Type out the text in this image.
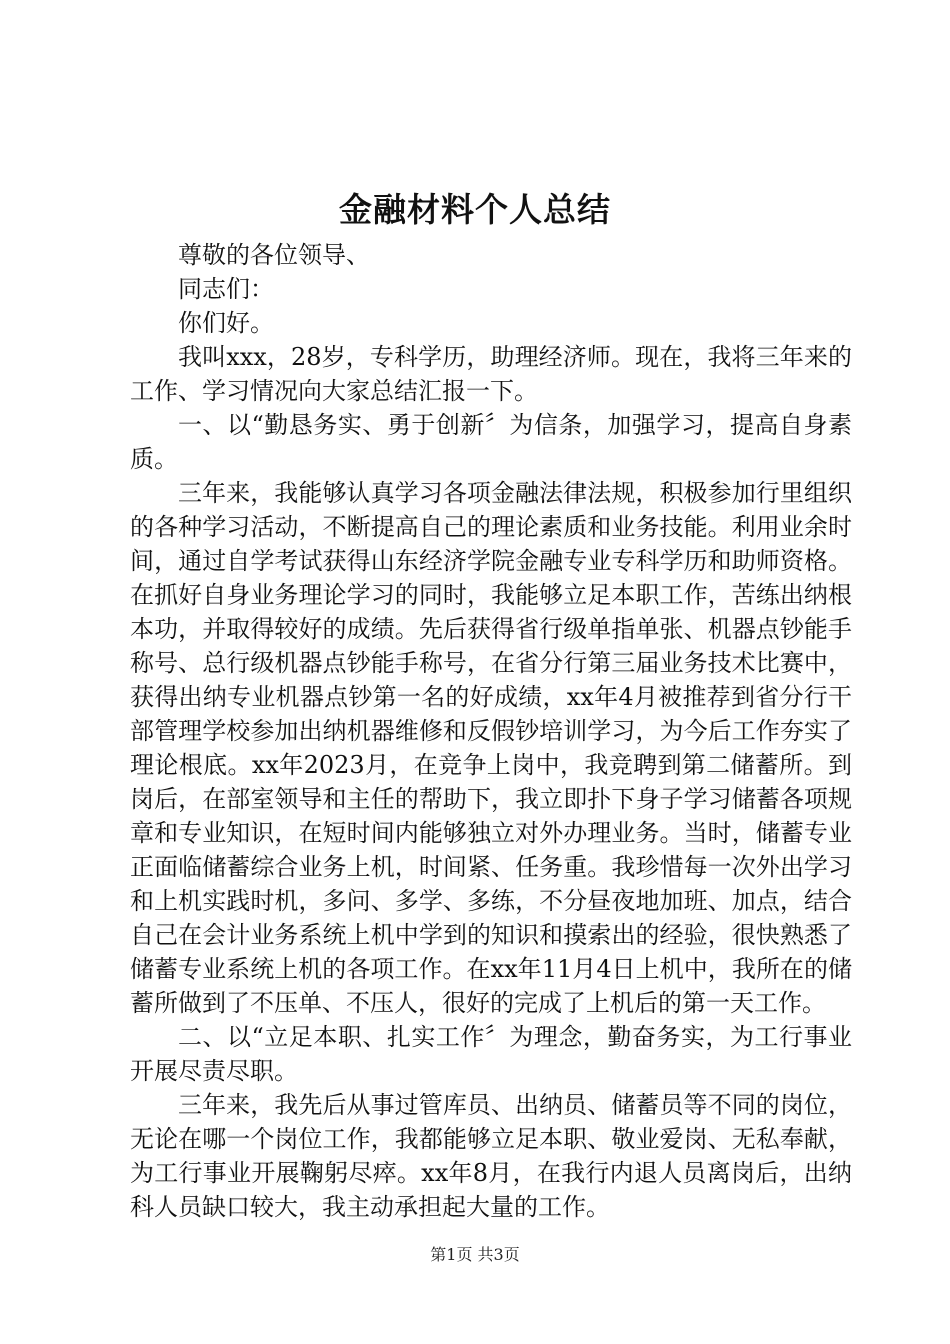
金融材料个人总结

尊敬的各位领导、

同志们：

你们好。

我叫xxx，28岁，专科学历，助理经济师。现在，我将三年来的工作、学习情况向大家总结汇报一下。

一、以“勤恳务实、勇于创新〞为信条，加强学习，提高自身素质。

三年来，我能够认真学习各项金融法律法规，积极参加行里组织的各种学习活动，不断提高自己的理论素质和业务技能。利用业余时间，通过自学考试获得山东经济学院金融专业专科学历和助师资格。在抓好自身业务理论学习的同时，我能够立足本职工作，苦练出纳根本功，并取得较好的成绩。先后获得省行级单指单张、机器点钞能手称号、总行级机器点钞能手称号，在省分行第三届业务技术比赛中，获得出纳专业机器点钞第一名的好成绩，xx年4月被推荐到省分行干部管理学校参加出纳机器维修和反假钞培训学习，为今后工作夯实了理论根底。xx年2023月，在竞争上岗中，我竞聘到第二储蓄所。到岗后，在部室领导和主任的帮助下，我立即扑下身子学习储蓄各项规章和专业知识，在短时间内能够独立对外办理业务。当时，储蓄专业正面临储蓄综合业务上机，时间紧、任务重。我珍惜每一次外出学习和上机实践时机，多问、多学、多练，不分昼夜地加班、加点，结合自己在会计业务系统上机中学到的知识和摸索出的经验，很快熟悉了储蓄专业系统上机的各项工作。在xx年11月4日上机中，我所在的储蓄所做到了不压单、不压人，很好的完成了上机后的第一天工作。

二、以“立足本职、扎实工作〞为理念，勤奋务实，为工行事业开展尽责尽职。

三年来，我先后从事过管库员、出纳员、储蓄员等不同的岗位，无论在哪一个岗位工作，我都能够立足本职、敬业爱岗、无私奉献，为工行事业开展鞠躬尽瘁。xx年8月，在我行内退人员离岗后，出纳科人员缺口较大，我主动承担起大量的工作。

第1页 共3页
